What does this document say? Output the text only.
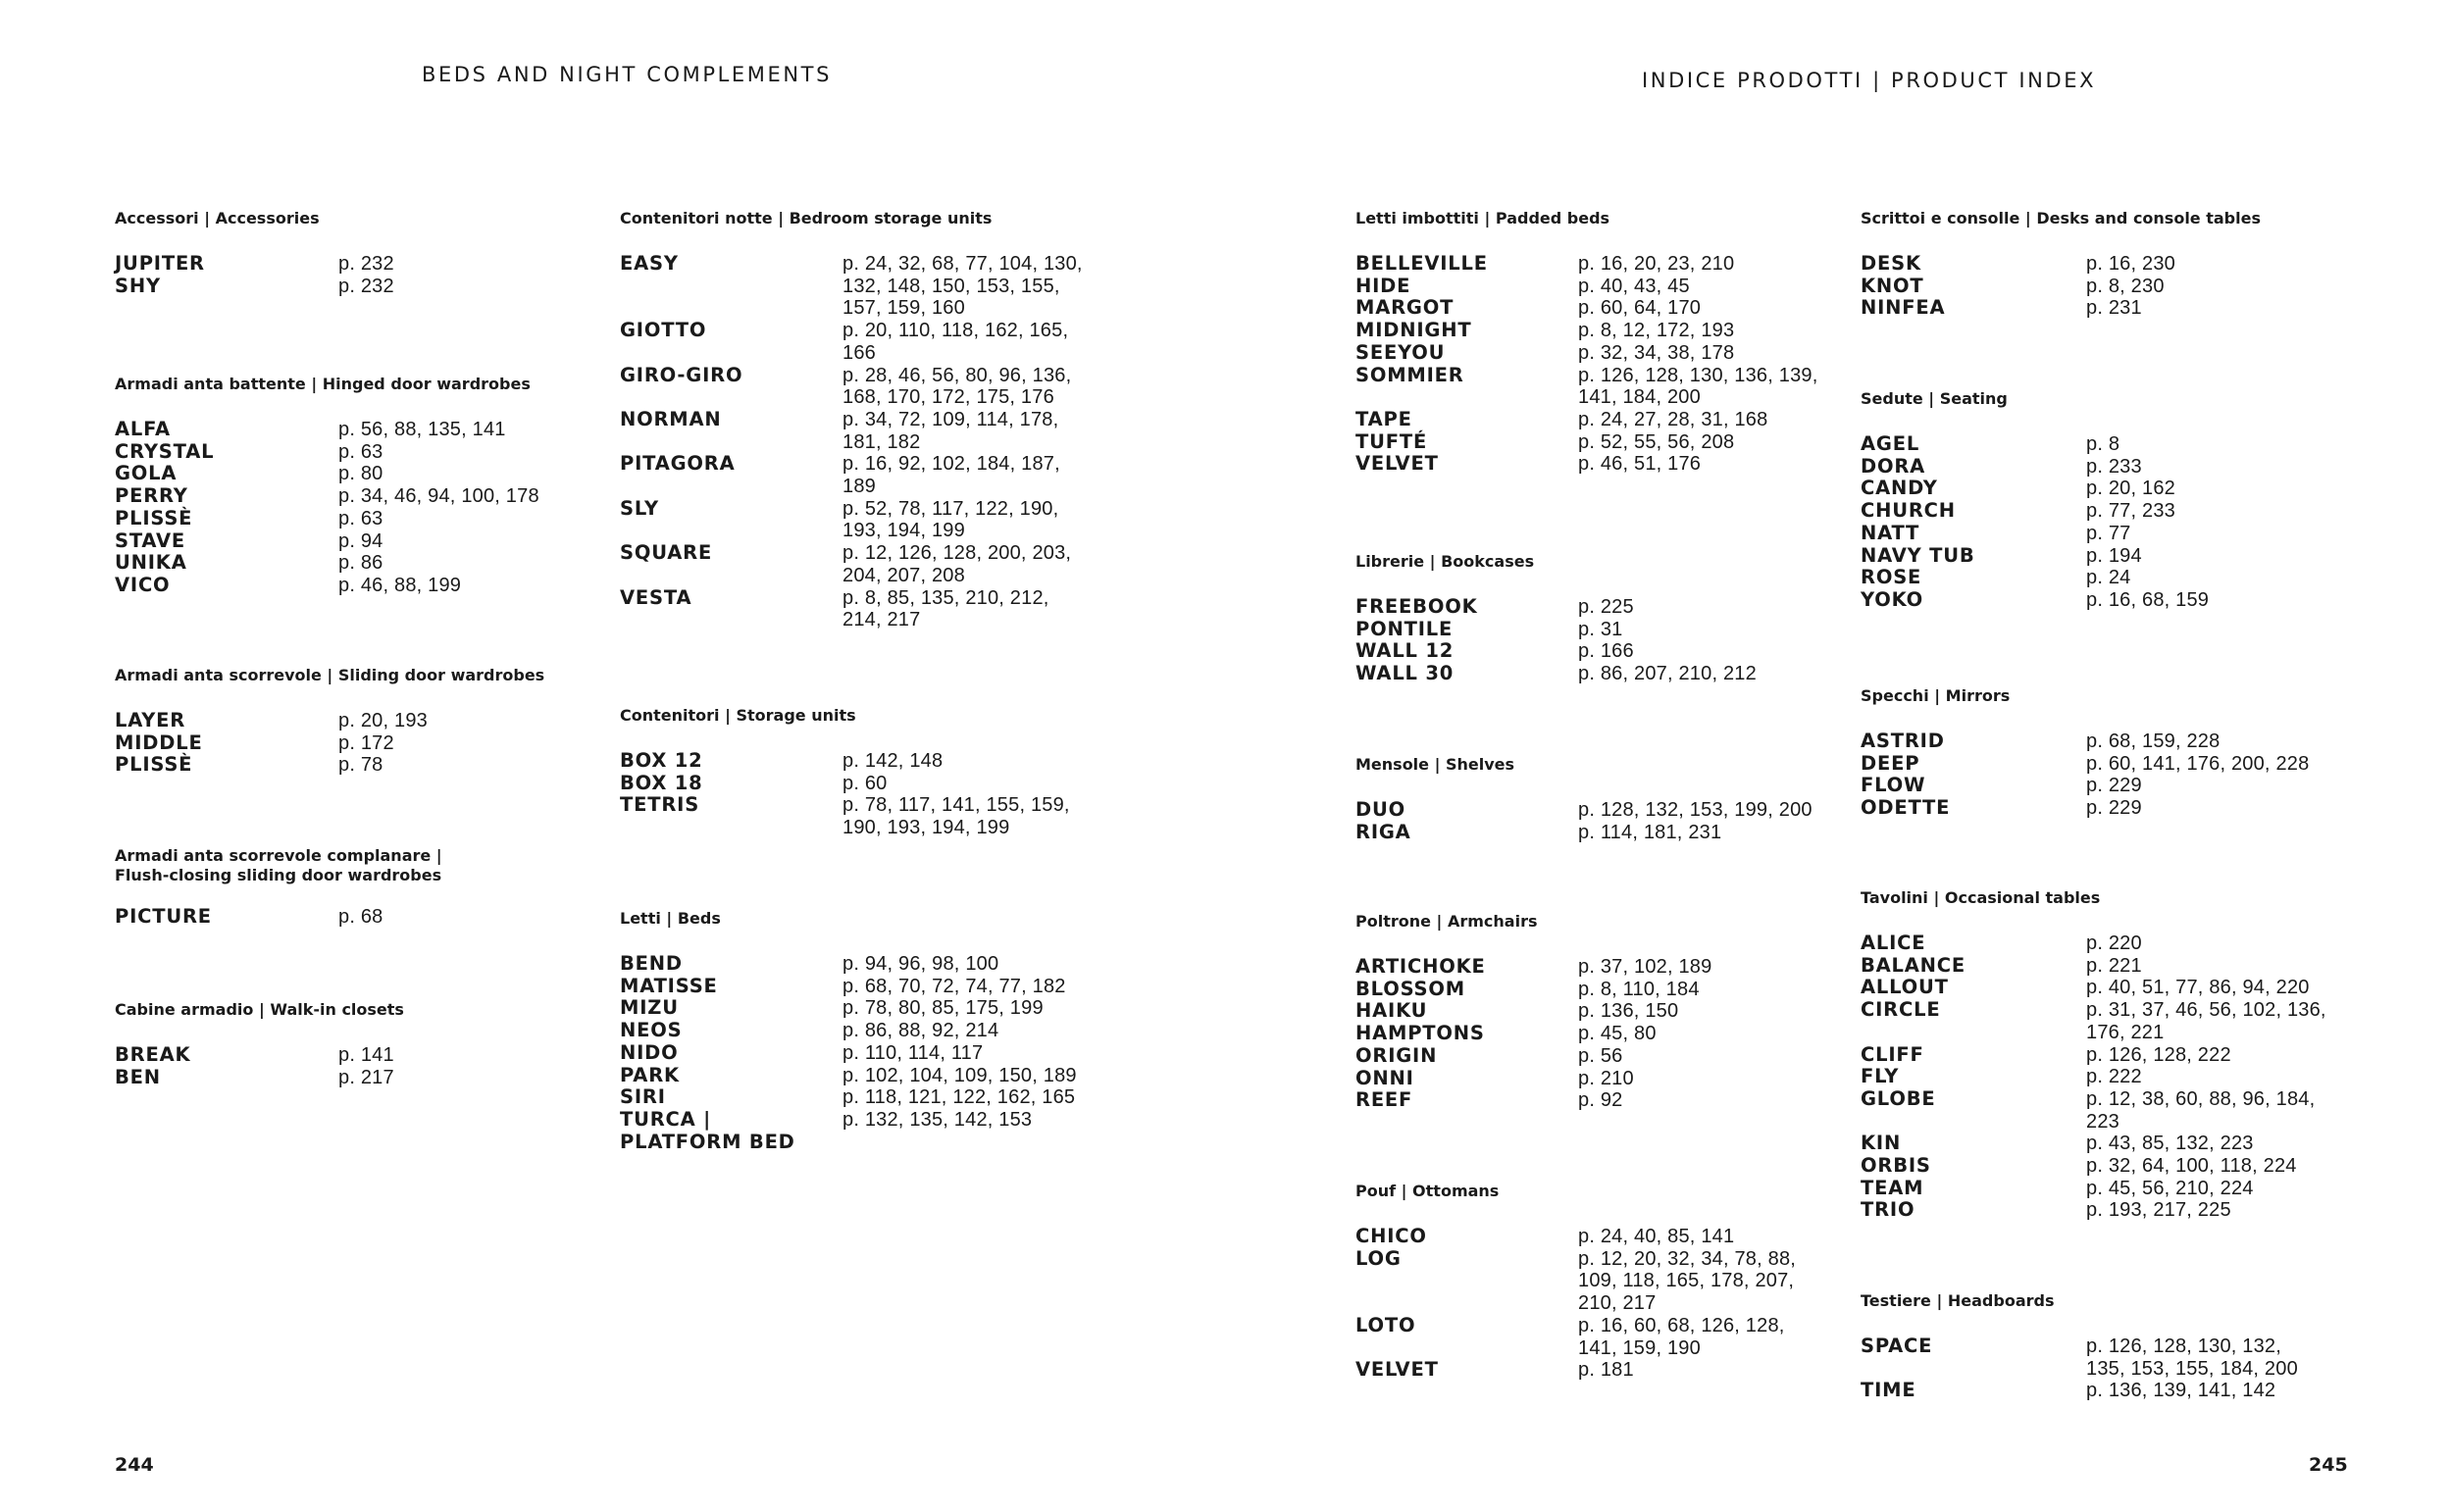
BEDS AND NIGHT COMPLEMENTS	INDICE PRODOTTI | PRODUCT INDEX
Accessori | Accessories
JUPITER	p. 232
SHY	p. 232
Armadi anta battente | Hinged door wardrobes
ALFA	p. 56, 88, 135, 141
CRYSTAL	p. 63
GOLA	p. 80
PERRY	p. 34, 46, 94, 100, 178
PLISSÈ	p. 63
STAVE	p. 94
UNIKA	p. 86
VICO	p. 46, 88, 199
Armadi anta scorrevole | Sliding door wardrobes
LAYER	p. 20, 193
MIDDLE	p. 172
PLISSÈ	p. 78
Armadi anta scorrevole complanare |
Flush-closing sliding door wardrobes
PICTURE	p. 68
Cabine armadio | Walk-in closets
BREAK	p. 141
BEN	p. 217
Contenitori notte | Bedroom storage units
EASY	p. 24, 32, 68, 77, 104, 130,
132, 148, 150, 153, 155,
157, 159, 160
GIOTTO	p. 20, 110, 118, 162, 165,
166
GIRO-GIRO	p. 28, 46, 56, 80, 96, 136,
168, 170, 172, 175, 176
NORMAN	p. 34, 72, 109, 114, 178,
181, 182
PITAGORA	p. 16, 92, 102, 184, 187,
189
SLY	p. 52, 78, 117, 122, 190,
193, 194, 199
SQUARE	p. 12, 126, 128, 200, 203,
204, 207, 208
VESTA	p. 8, 85, 135, 210, 212,
214, 217
Contenitori | Storage units
BOX 12	p. 142, 148
BOX 18	p. 60
TETRIS	p. 78, 117, 141, 155, 159,
190, 193, 194, 199
Letti | Beds
BEND	p. 94, 96, 98, 100
MATISSE	p. 68, 70, 72, 74, 77, 182
MIZU	p. 78, 80, 85, 175, 199
NEOS	p. 86, 88, 92, 214
NIDO	p. 110, 114, 117
PARK	p. 102, 104, 109, 150, 189
SIRI	p. 118, 121, 122, 162, 165
TURCA |
PLATFORM BED
p. 132, 135, 142, 153
Letti imbottiti | Padded beds
BELLEVILLE	p. 16, 20, 23, 210
HIDE	p. 40, 43, 45
MARGOT	p. 60, 64, 170
MIDNIGHT	p. 8, 12, 172, 193
SEEYOU	p. 32, 34, 38, 178
SOMMIER	p. 126, 128, 130, 136, 139,
141, 184, 200
TAPE	p. 24, 27, 28, 31, 168
TUFTÉ	p. 52, 55, 56, 208
VELVET	p. 46, 51, 176
Librerie | Bookcases
FREEBOOK	p. 225
PONTILE	p. 31
WALL 12	p. 166
WALL 30	p. 86, 207, 210, 212
Mensole | Shelves
DUO	p. 128, 132, 153, 199, 200
RIGA	p. 114, 181, 231
Poltrone | Armchairs
ARTICHOKE	p. 37, 102, 189
BLOSSOM	p. 8, 110, 184
HAIKU	p. 136, 150
HAMPTONS	p. 45, 80
ORIGIN	p. 56
ONNI	p. 210
REEF	p. 92
Pouf | Ottomans
CHICO	p. 24, 40, 85, 141
LOG	p. 12, 20, 32, 34, 78, 88,
109, 118, 165, 178, 207,
210, 217
LOTO	p. 16, 60, 68, 126, 128,
141, 159, 190
VELVET	p. 181
Scrittoi e consolle | Desks and console tables
DESK	p. 16, 230
KNOT	p. 8, 230
NINFEA	p. 231
Sedute | Seating
AGEL	p. 8
DORA	p. 233
CANDY	p. 20, 162
CHURCH	p. 77, 233
NATT	p. 77
NAVY TUB	p. 194
ROSE	p. 24
YOKO	p. 16, 68, 159
Specchi | Mirrors
ASTRID	p. 68, 159, 228
DEEP	p. 60, 141, 176, 200, 228
FLOW	p. 229
ODETTE	p. 229
Tavolini | Occasional tables
ALICE	p. 220
BALANCE	p. 221
ALLOUT	p. 40, 51, 77, 86, 94, 220
CIRCLE	p. 31, 37, 46, 56, 102, 136,
176, 221
CLIFF	p. 126, 128, 222
FLY	p. 222
GLOBE	p. 12, 38, 60, 88, 96, 184,
223
KIN	p. 43, 85, 132, 223
ORBIS	p. 32, 64, 100, 118, 224
TEAM	p. 45, 56, 210, 224
TRIO	p. 193, 217, 225
Testiere | Headboards
SPACE	p. 126, 128, 130, 132,
135, 153, 155, 184, 200
TIME	p. 136, 139, 141, 142

244	245
